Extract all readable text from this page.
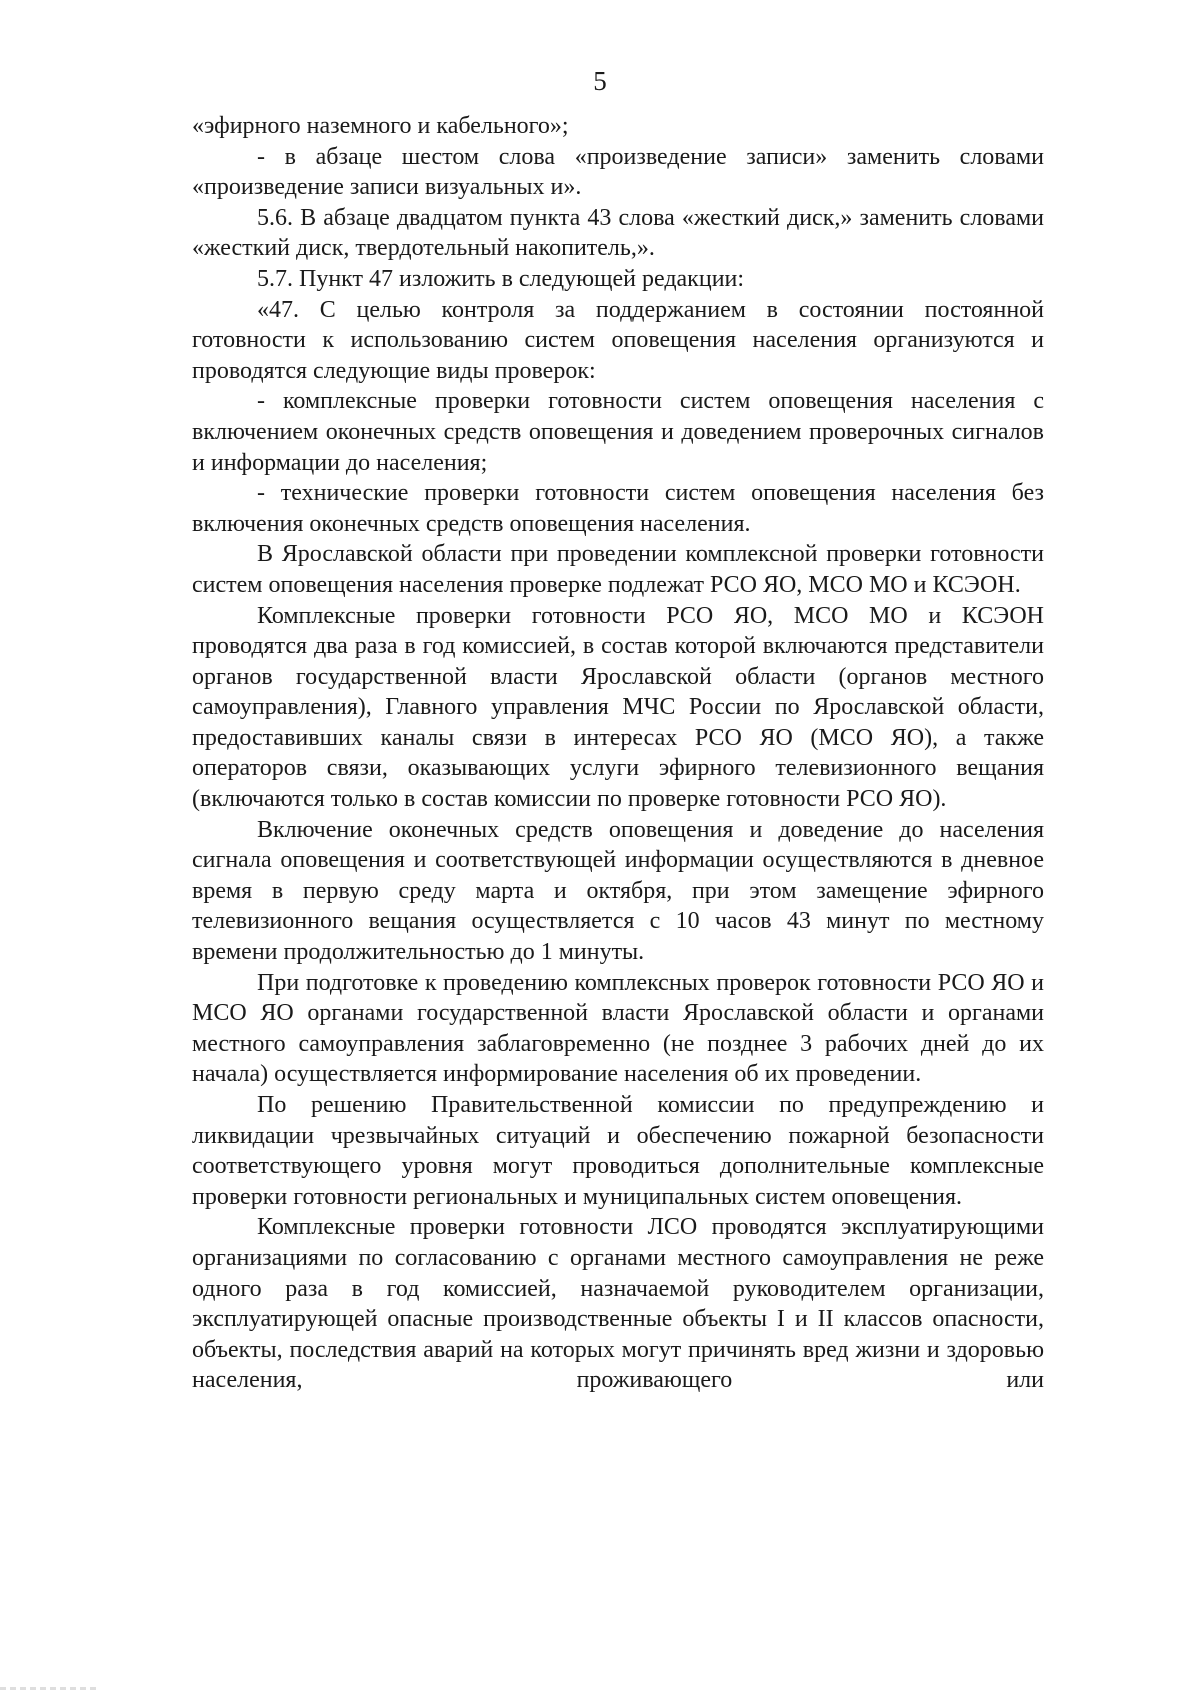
5

«эфирного наземного и кабельного»;

- в абзаце шестом слова «произведение записи» заменить словами «произведение записи визуальных и».

5.6. В абзаце двадцатом пункта 43 слова «жесткий диск,» заменить словами «жесткий диск, твердотельный накопитель,».

5.7. Пункт 47 изложить в следующей редакции:

«47. С целью контроля за поддержанием в состоянии постоянной готовности к использованию систем оповещения населения организуются и проводятся следующие виды проверок:

- комплексные проверки готовности систем оповещения населения с включением оконечных средств оповещения и доведением проверочных сигналов и информации до населения;

- технические проверки готовности систем оповещения населения без включения оконечных средств оповещения населения.

В Ярославской области при проведении комплексной проверки готовности систем оповещения населения проверке подлежат РСО ЯО, МСО МО и КСЭОН.

Комплексные проверки готовности РСО ЯО, МСО МО и КСЭОН проводятся два раза в год комиссией, в состав которой включаются представители органов государственной власти Ярославской области (органов местного самоуправления), Главного управления МЧС России по Ярославской области, предоставивших каналы связи в интересах РСО ЯО (МСО ЯО), а также операторов связи, оказывающих услуги эфирного телевизионного вещания (включаются только в состав комиссии по проверке готовности РСО ЯО).

Включение оконечных средств оповещения и доведение до населения сигнала оповещения и соответствующей информации осуществляются в дневное время в первую среду марта и октября, при этом замещение эфирного телевизионного вещания осуществляется с 10 часов 43 минут по местному времени продолжительностью до 1 минуты.

При подготовке к проведению комплексных проверок готовности РСО ЯО и МСО ЯО органами государственной власти Ярославской области и органами местного самоуправления заблаговременно (не позднее 3 рабочих дней до их начала) осуществляется информирование населения об их проведении.

По решению Правительственной комиссии по предупреждению и ликвидации чрезвычайных ситуаций и обеспечению пожарной безопасности соответствующего уровня могут проводиться дополнительные комплексные проверки готовности региональных и муниципальных систем оповещения.

Комплексные проверки готовности ЛСО проводятся эксплуатирующими организациями по согласованию с органами местного самоуправления не реже одного раза в год комиссией, назначаемой руководителем организации, эксплуатирующей опасные производственные объекты I и II классов опасности, объекты, последствия аварий на которых могут причинять вред жизни и здоровью населения, проживающего или
